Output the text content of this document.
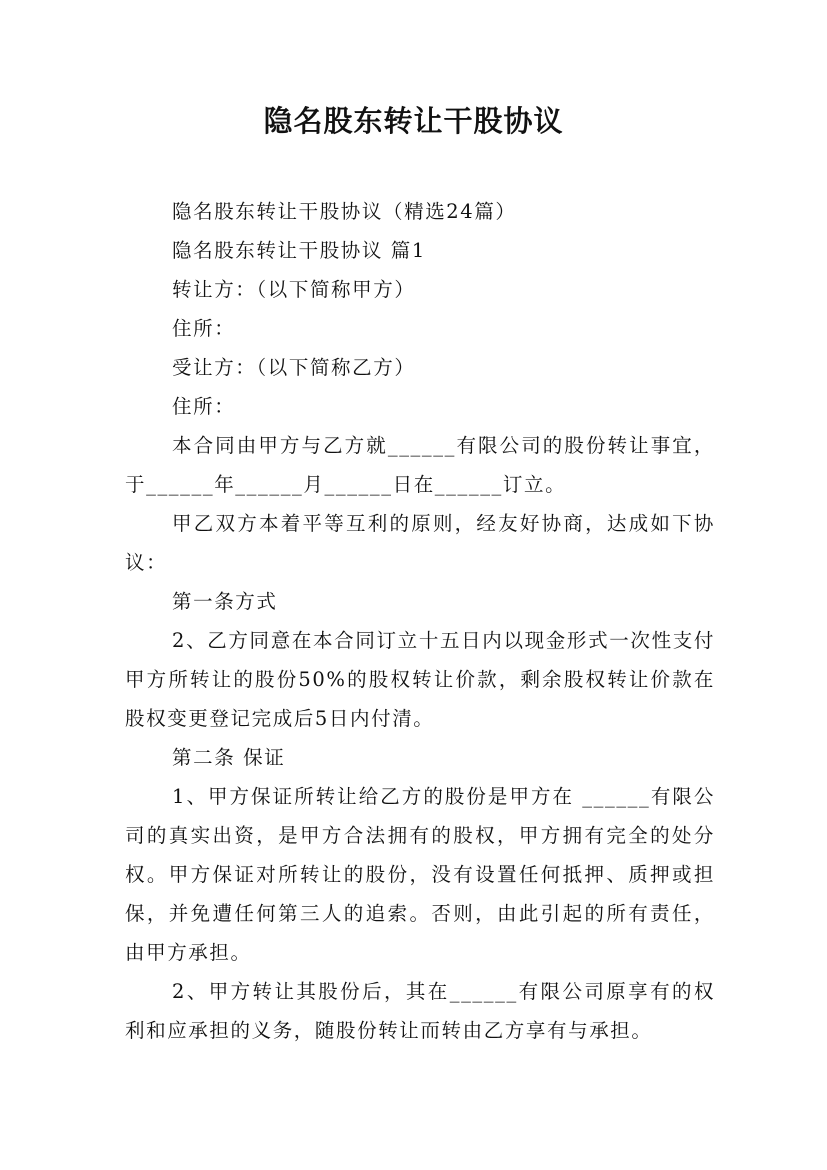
隐名股东转让干股协议

隐名股东转让干股协议（精选24篇）

隐名股东转让干股协议 篇1

转让方：（以下简称甲方）

住所：

受让方：（以下简称乙方）

住所：

本合同由甲方与乙方就______有限公司的股份转让事宜，于______年______月______日在______订立。

甲乙双方本着平等互利的原则，经友好协商，达成如下协议：

第一条方式

2、乙方同意在本合同订立十五日内以现金形式一次性支付甲方所转让的股份50%的股权转让价款，剩余股权转让价款在股权变更登记完成后5日内付清。

第二条 保证

1、甲方保证所转让给乙方的股份是甲方在 ______有限公司的真实出资，是甲方合法拥有的股权，甲方拥有完全的处分权。甲方保证对所转让的股份，没有设置任何抵押、质押或担保，并免遭任何第三人的追索。否则，由此引起的所有责任，由甲方承担。

2、甲方转让其股份后，其在______有限公司原享有的权利和应承担的义务，随股份转让而转由乙方享有与承担。
